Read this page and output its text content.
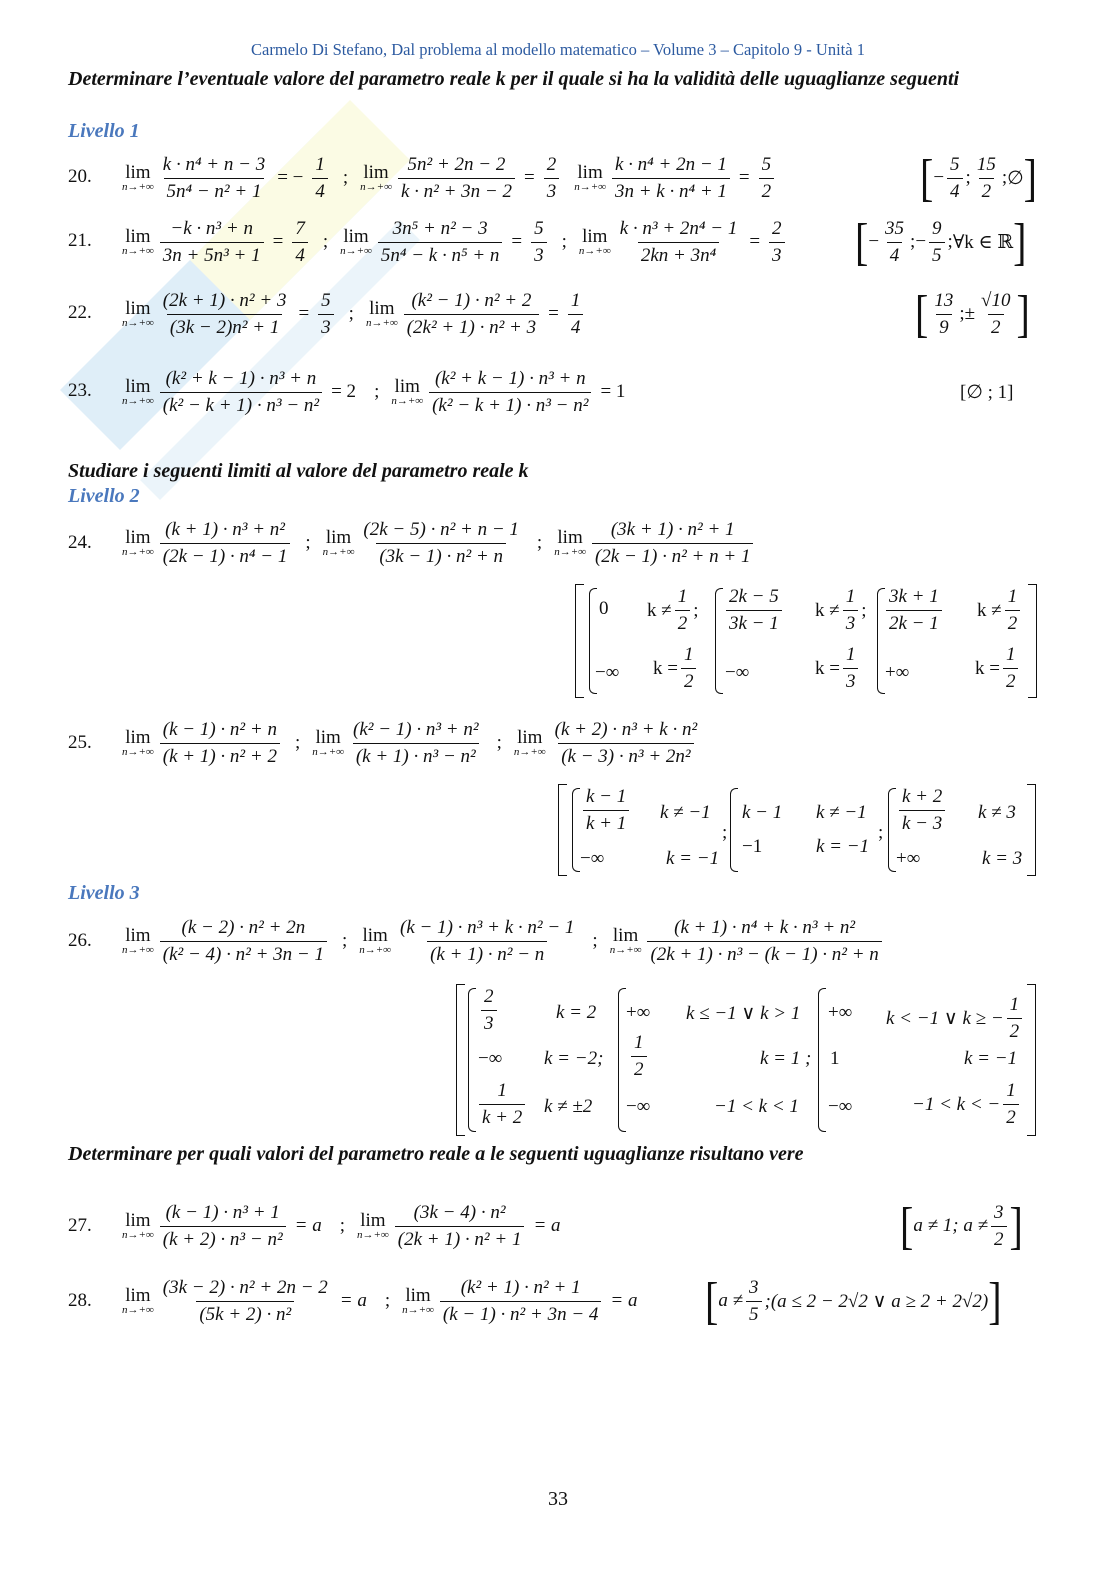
Carmelo Di Stefano, Dal problema al modello matematico – Volume 3 – Capitolo 9 - Unità 1
Determinare l’eventuale valore del parametro reale k per il quale si ha la validità delle uguaglianze seguenti
Livello 1
20. lim
$n\to+\infty \frac{\text{k · n⁴ + n − 3}}{\text{5n⁴ − n² + 1}}$ = − $\frac{1}{4}$ ; lim
$n\to+\infty \frac{\text{5n² + 2n − 2}}{\text{k · n² + 3n − 2}} = \frac{2}{3}$ lim
$n\to+\infty \frac{\text{k · n⁴ + 2n − 1}}{\text{3n + k · n⁴ + 1}} = \frac{5}{2}$	[ − $\frac{5}{4}$ ; $\frac{15}{2}$ ; ∅ ]
21. lim
$n\to+\infty \frac{\text{−k · n³ + n}}{\text{3n + 5n³ + 1}} = \frac{7}{4}$ ; lim
$n\to+\infty \frac{\text{3n⁵ + n² − 3}}{\text{5n⁴ − k · n⁵ + n}} = \frac{5}{3}$ ; lim
$n\to+\infty \frac{\text{k · n³ + 2n⁴ − 1}}{\text{2kn + 3n⁴}} = \frac{2}{3}$ [ − $\frac{35}{4}$ ;− $\frac{9}{5}$ ; ∀k ∈ ℝ ]
22. lim
$n\to+\infty \frac{\text{(2k + 1) · n² + 3}}{\text{(3k − 2)n² + 1}} = \frac{5}{3}$ ; lim
$n\to+\infty \frac{\text{(k² − 1) · n² + 2}}{\text{(2k² + 1) · n² + 3}} = \frac{1}{4}$	[ $\frac{13}{9}$ ;± $\frac{√10}{2}$ ]
23. lim
$n\to+\infty \frac{\text{(k² + k − 1) · n³ + n}}{\text{(k² − k + 1) · n³ − n²}} = 2$ ; lim
$n\to+\infty \frac{\text{(k² + k − 1) · n³ + n}}{\text{(k² − k + 1) · n³ − n²}} = 1$	[∅ ; 1]
Studiare i seguenti limiti al valore del parametro reale k
Livello 2
24. lim
$n\to+\infty \frac{\text{(k + 1) · n³ + n²}}{\text{(2k − 1) · n⁴ − 1}}$ ; lim
$n\to+\infty \frac{\text{(2k − 5) · n² + n − 1}}{\text{(3k − 1) · n² + n}}$ ; lim
$n\to+\infty \frac{\text{(3k + 1) · n² + 1}}{\text{(2k − 1) · n² + n + 1}}$
0 $k \ne \frac{1}{2}$ ;
−∞ $k = \frac{1}{2}$
$\frac{2k - 5}{3k - 1}$ $k \ne \frac{1}{3}$ ;
−∞	$k = \frac{1}{3}$
$\frac{3k + 1}{2k - 1}$ $k \ne \frac{1}{2}$
+∞	$k = \frac{1}{2}$
25. lim
$n\to+\infty \frac{\text{(k − 1) · n² + n}}{\text{(k + 1) · n² + 2}}$ ; lim
$n\to+\infty \frac{\text{(k² − 1) · n³ + n²}}{\text{(k + 1) · n³ − n²}}$ ; lim
$n\to+\infty \frac{\text{(k + 2) · n³ + k · n²}}{\text{(k − 3) · n³ + 2n²}}$
$\frac{k - 1}{k + 1}$ k ≠ −1
−∞	k = −1
;
k − 1 k ≠ −1
−1	k = −1
; $\frac{k + 2}{k - 3}$ k ≠ 3
+∞	k = 3
Livello 3
26. lim
$n\to+\infty \frac{\text{(k − 2) · n² + 2n}}{\text{(k² − 4) · n² + 3n − 1}}$ ; lim
$n\to+\infty \frac{\text{(k − 1) · n³ + k · n² − 1}}{\text{(k + 1) · n² − n}}$ ; lim
$n\to+\infty \frac{\text{(k + 1) · n⁴ + k · n³ + n²}}{\text{(2k + 1) · n³ − (k − 1) · n² + n}}$
$\frac{2}{3}$	k = 2
−∞ k = −2;
$\frac{1}{k + 2}$ k ≠ ±2
+∞ k ≤ −1 ∨ k > 1
$\frac{1}{2}$	k = 1 ;
−∞	−1 < k < 1
+∞ k < −1 ∨ k ≥ − $\frac{1}{2}$
1	k = −1
−∞	−1 < k < − $\frac{1}{2}$
Determinare per quali valori del parametro reale a le seguenti uguaglianze risultano vere
27. lim
$n\to+\infty \frac{\text{(k − 1) · n³ + 1}}{\text{(k + 2) · n³ − n²}} = a$ ; lim
$n\to+\infty \frac{\text{(3k − 4) · n²}}{\text{(2k + 1) · n² + 1}} = a$	[ a ≠ 1; $a \ne \frac{3}{2}$ ]
28. lim
$n\to+\infty \frac{\text{(3k − 2) · n² + 2n − 2}}{\text{(5k + 2) · n²}} = a$ ; lim
$n\to+\infty \frac{\text{(k² + 1) · n² + 1}}{\text{(k − 1) · n² + 3n − 4}} = a$ [ $a \ne \frac{3}{5}$ ;(a ≤ 2 − 2√2 ∨ a ≥ 2 + 2√2) ]
33
